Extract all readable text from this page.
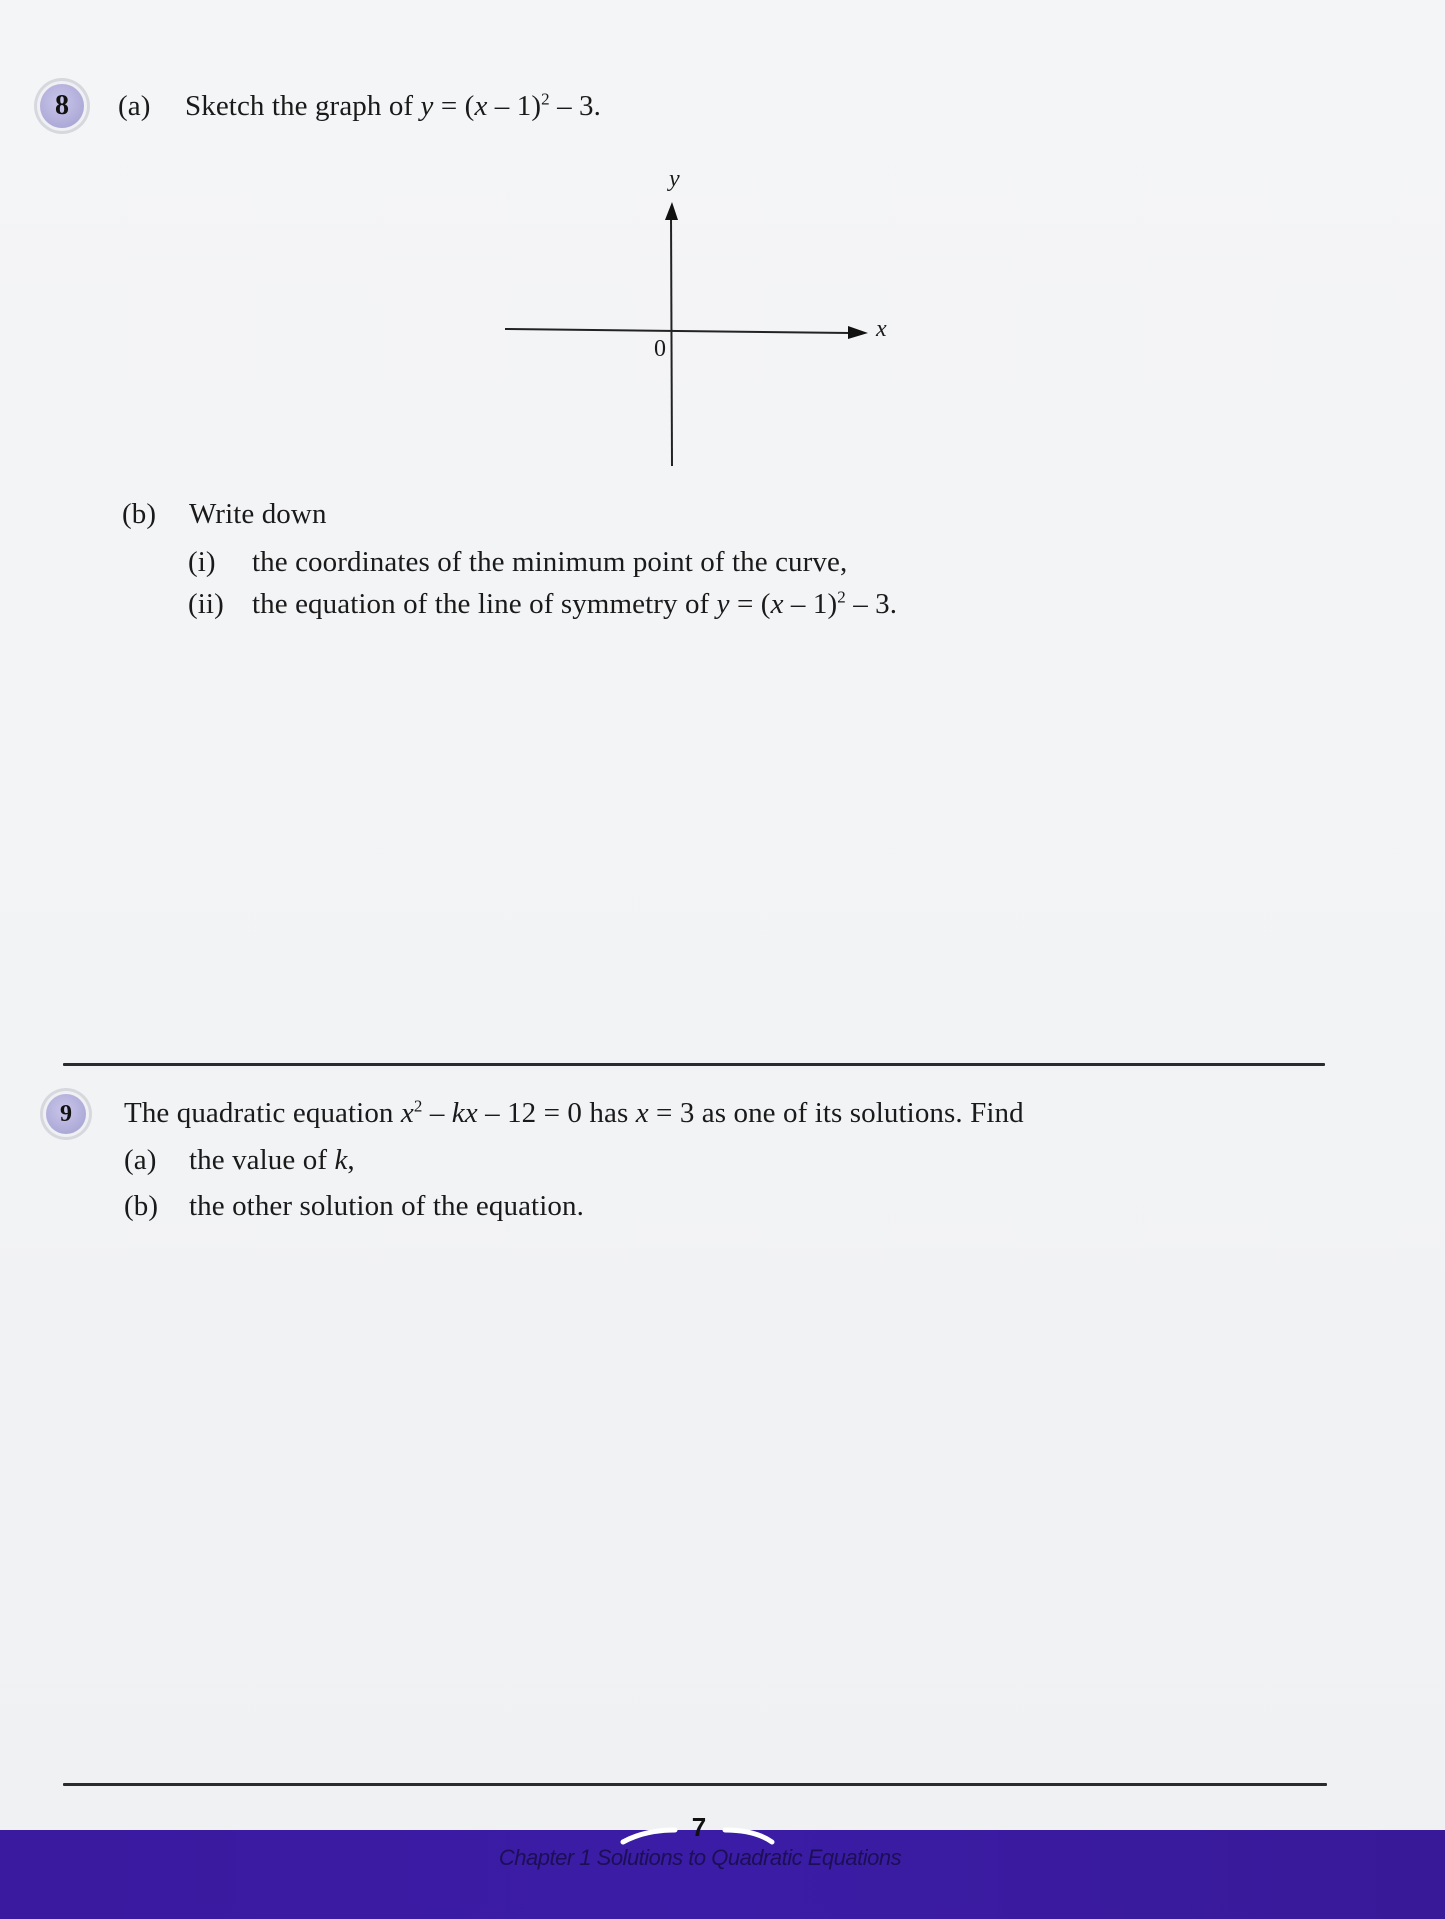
8 (a) Sketch the graph of y = (x – 1)$^2$ – 3.
y
x
0
(b) Write down
(i) the coordinates of the minimum point of the curve,
(ii) the equation of the line of symmetry of y = (x – 1)$^2$ – 3.
9 The quadratic equation $x^2$ – kx – 12 = 0 has x = 3 as one of its solutions. Find
(a) the value of k,
(b) the other solution of the equation.
7
Chapter 1 Solutions to Quadratic Equations
